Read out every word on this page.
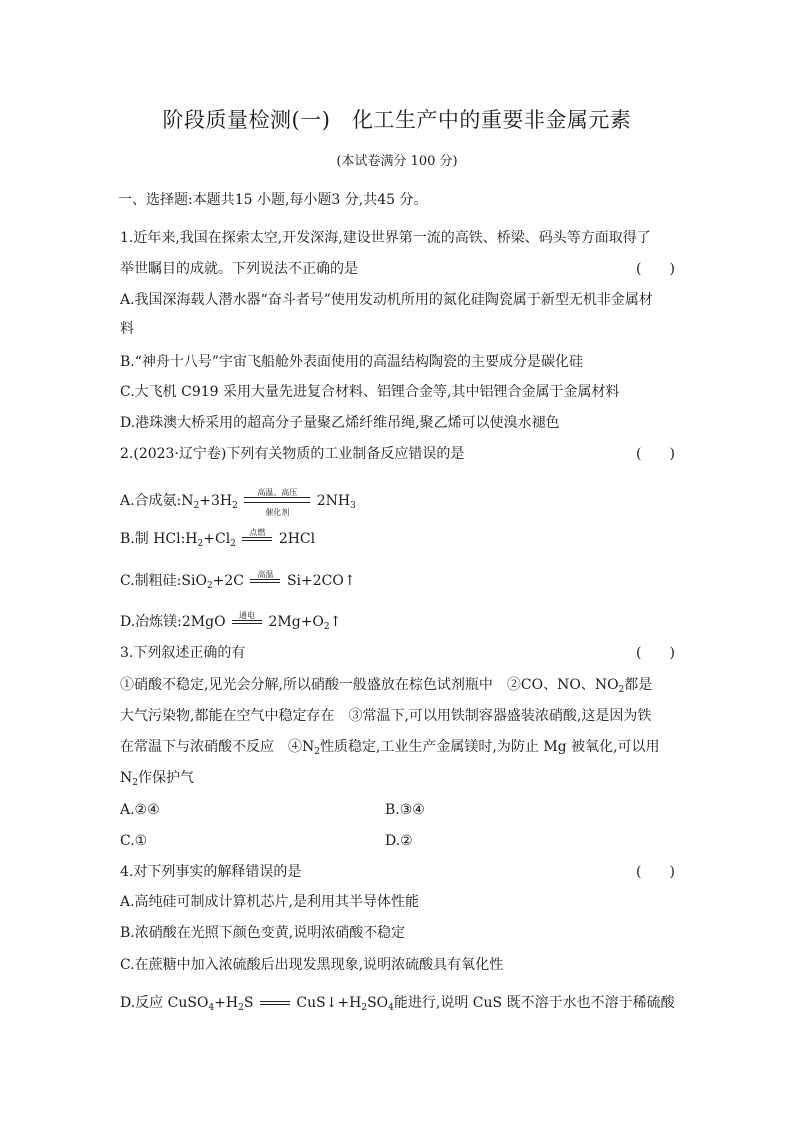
阶段质量检测(一)　化工生产中的重要非金属元素
(本试卷满分 100 分)
一、选择题:本题共15 小题,每小题3 分,共45 分。
1.近年来,我国在探索太空,开发深海,建设世界第一流的高铁、桥梁、码头等方面取得了
举世瞩目的成就。下列说法不正确的是	(　　)
A.我国深海载人潜水器“奋斗者号”使用发动机所用的氮化硅陶瓷属于新型无机非金属材
料
B.“神舟十八号”宇宙飞船舱外表面使用的高温结构陶瓷的主要成分是碳化硅
C.大飞机 C919 采用大量先进复合材料、铝锂合金等,其中铝锂合金属于金属材料
D.港珠澳大桥采用的超高分子量聚乙烯纤维吊绳,聚乙烯可以使溴水褪色
2.(2023·辽宁卷)下列有关物质的工业制备反应错误的是	(　　)
A.合成氨$:N_2+3H_2$
高温、高压
催化剂
$2NH_3$
B.制 $HCl:H_2+Cl_2$
点燃 2HCl
C.制粗硅:SiO$_2$+2C	高温 Si+2CO↑
D.冶炼镁:2MgO	通电 $2Mg+O_2↑$
3.下列叙述正确的有	(　　)
①硝酸不稳定,见光会分解,所以硝酸一般盛放在棕色试剂瓶中　②CO、NO、$NO_2$都是
大气污染物,都能在空气中稳定存在　③常温下,可以用铁制容器盛装浓硝酸,这是因为铁
在常温下与浓硝酸不反应　$④N_2$性质稳定,工业生产金属镁时,为防止 Mg 被氧化,可以用
$N_2$作保护气
A.②④	B.③④
C.①	D.②
4.对下列事实的解释错误的是	(　　)
A.高纯硅可制成计算机芯片,是利用其半导体性能
B.浓硝酸在光照下颜色变黄,说明浓硝酸不稳定
C.在蔗糖中加入浓硫酸后出现发黑现象,说明浓硫酸具有氧化性
D.反应 $CuSO_4+H_2S$	$CuS↓+H_2SO_4$能进行,说明 CuS 既不溶于水也不溶于稀硫酸
